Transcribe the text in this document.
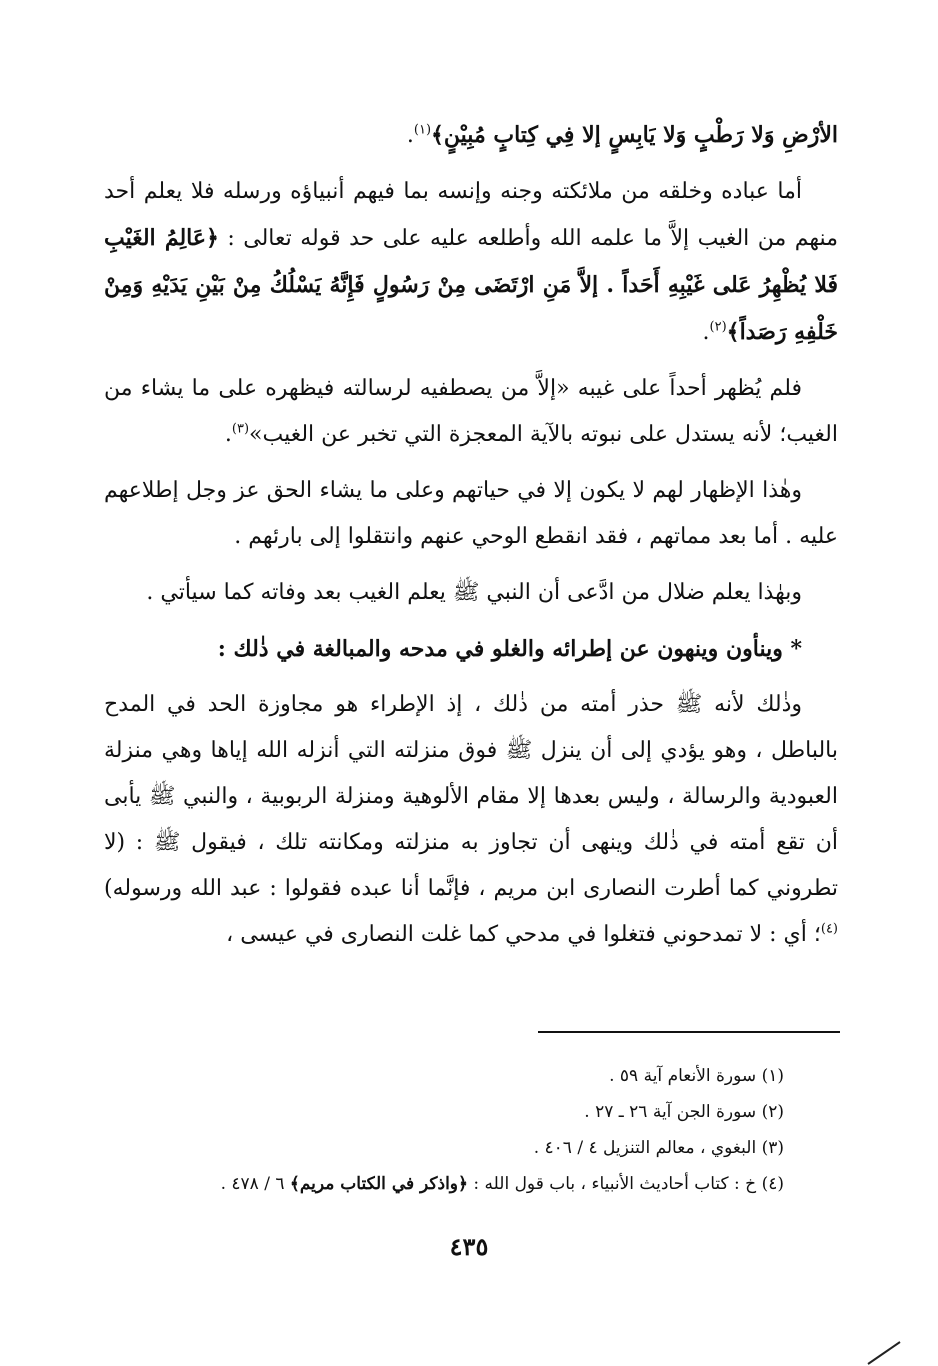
الأرْضِ وَلا رَطْبٍ وَلا يَابِسٍ إلا فِي كِتابٍ مُبِيْنٍ﴾$^{(١)}$.

أما عباده وخلقه من ملائكته وجنه وإنسه بما فيهم أنبياؤه ورسله فلا يعلم أحد منهم من الغيب إلاَّ ما علمه الله وأطلعه عليه على حد قوله تعالى : ﴿عَالِمُ الغَيْبِ فَلا يُظْهِرُ عَلى غَيْبِهِ أَحَداً . إلاَّ مَنِ ارْتَضَى مِنْ رَسُولٍ فَإِنَّهُ يَسْلُكُ مِنْ بَيْنِ يَدَيْهِ وَمِنْ خَلْفِهِ رَصَداً﴾$^{(٢)}$.

فلم يُظهر أحداً على غيبه «إلاَّ من يصطفيه لرسالته فيظهره على ما يشاء من الغيب؛ لأنه يستدل على نبوته بالآية المعجزة التي تخبر عن الغيب»$^{(٣)}$.

وهٰذا الإظهار لهم لا يكون إلا في حياتهم وعلى ما يشاء الحق عز وجل إطلاعهم عليه . أما بعد مماتهم ، فقد انقطع الوحي عنهم وانتقلوا إلى بارئهم .

وبهٰذا يعلم ضلال من ادَّعى أن النبي ﷺ يعلم الغيب بعد وفاته كما سيأتي .

* وينأون وينهون عن إطرائه والغلو في مدحه والمبالغة في ذٰلك :

وذٰلك لأنه ﷺ حذر أمته من ذٰلك ، إذ الإطراء هو مجاوزة الحد في المدح بالباطل ، وهو يؤدي إلى أن ينزل ﷺ فوق منزلته التي أنزله الله إياها وهي منزلة العبودية والرسالة ، وليس بعدها إلا مقام الألوهية ومنزلة الربوبية ، والنبي ﷺ يأبى أن تقع أمته في ذٰلك وينهى أن تجاوز به منزلته ومكانته تلك ، فيقول ﷺ : (لا تطروني كما أطرت النصارى ابن مريم ، فإنَّما أنا عبده فقولوا : عبد الله ورسوله)$^{(٤)}$؛ أي : لا تمدحوني فتغلوا في مدحي كما غلت النصارى في عيسى ،

(١) سورة الأنعام آية ٥٩ .
(٢) سورة الجن آية ٢٦ ـ ٢٧ .
(٣) البغوي ، معالم التنزيل ٤ / ٤٠٦ .
(٤) خ : كتاب أحاديث الأنبياء ، باب قول الله : ﴿واذكر في الكتاب مريم﴾ ٦ / ٤٧٨ .
٤٣٥
